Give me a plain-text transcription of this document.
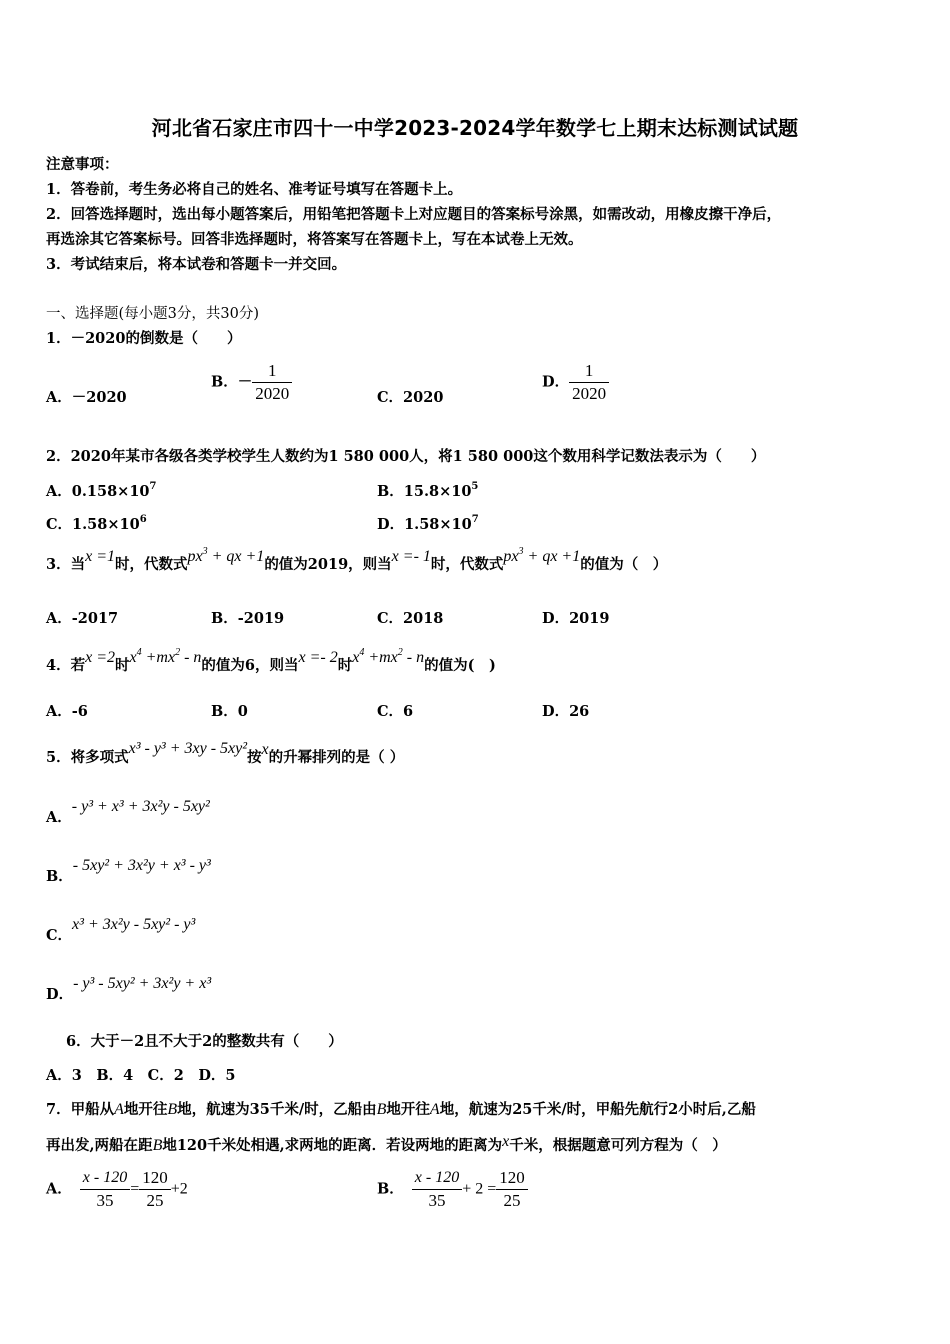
河北省石家庄市四十一中学2023-2024学年数学七上期末达标测试试题
注意事项：
1．答卷前，考生务必将自己的姓名、准考证号填写在答题卡上。
2．回答选择题时，选出每小题答案后，用铅笔把答题卡上对应题目的答案标号涂黑，如需改动，用橡皮擦干净后，
再选涂其它答案标号。回答非选择题时，将答案写在答题卡上，写在本试卷上无效。
3．考试结束后，将本试卷和答题卡一并交回。
一、选择题(每小题3分，共30分)
1．－2020的倒数是（　　）
A．－2020
B．－ $\frac{1}{2020}$	C．2020
D． $\frac{1}{2020}$
2．2020年某市各级各类学校学生人数约为1 580 000人，将1 580 000这个数用科学记数法表示为（　　）
A．$0.158\times 10^7$	B．$15.8\times 10^5$
C．$1.58\times 10^6$	D．$1.58\times 10^7$
3．当x =1时，代数式$px^3$ + qx +1的值为2019，则当x =- 1时，代数式$px^3$ + qx +1的值为（　）
A．-2017	B．-2019	C．2018	D．2019
4．若x =2时$x^4 +mx^2 - n$的值为6，则当x =- 2时$x^4 +mx^2 - n$的值为(　)
A．-6	B．0	C．6	D．26
5．将多项式x³ - y³ + 3xy - 5xy²按x的升幂排列的是（ ）
A．- y³ + x³ + 3x²y - 5xy²
B．- 5xy² + 3x²y + x³ - y³
C．x³ + 3x²y - 5xy² - y³
D．- y³ - 5xy² + 3x²y + x³
6．大于－2且不大于2的整数共有（　　）
A．3　B．4　C．2　D．5
7．甲船从A地开往B地，航速为35千米/时，乙船由B地开往A地，航速为25千米/时，甲船先航行2小时后,乙船
再出发,两船在距B地120千米处相遇,求两地的距离．若设两地的距离为x千米，根据题意可列方程为（　）
A． $\frac{x - 120}{35} = \frac{120}{25} +2$	B． $\frac{x - 120}{35} + 2 = \frac{120}{25}$
